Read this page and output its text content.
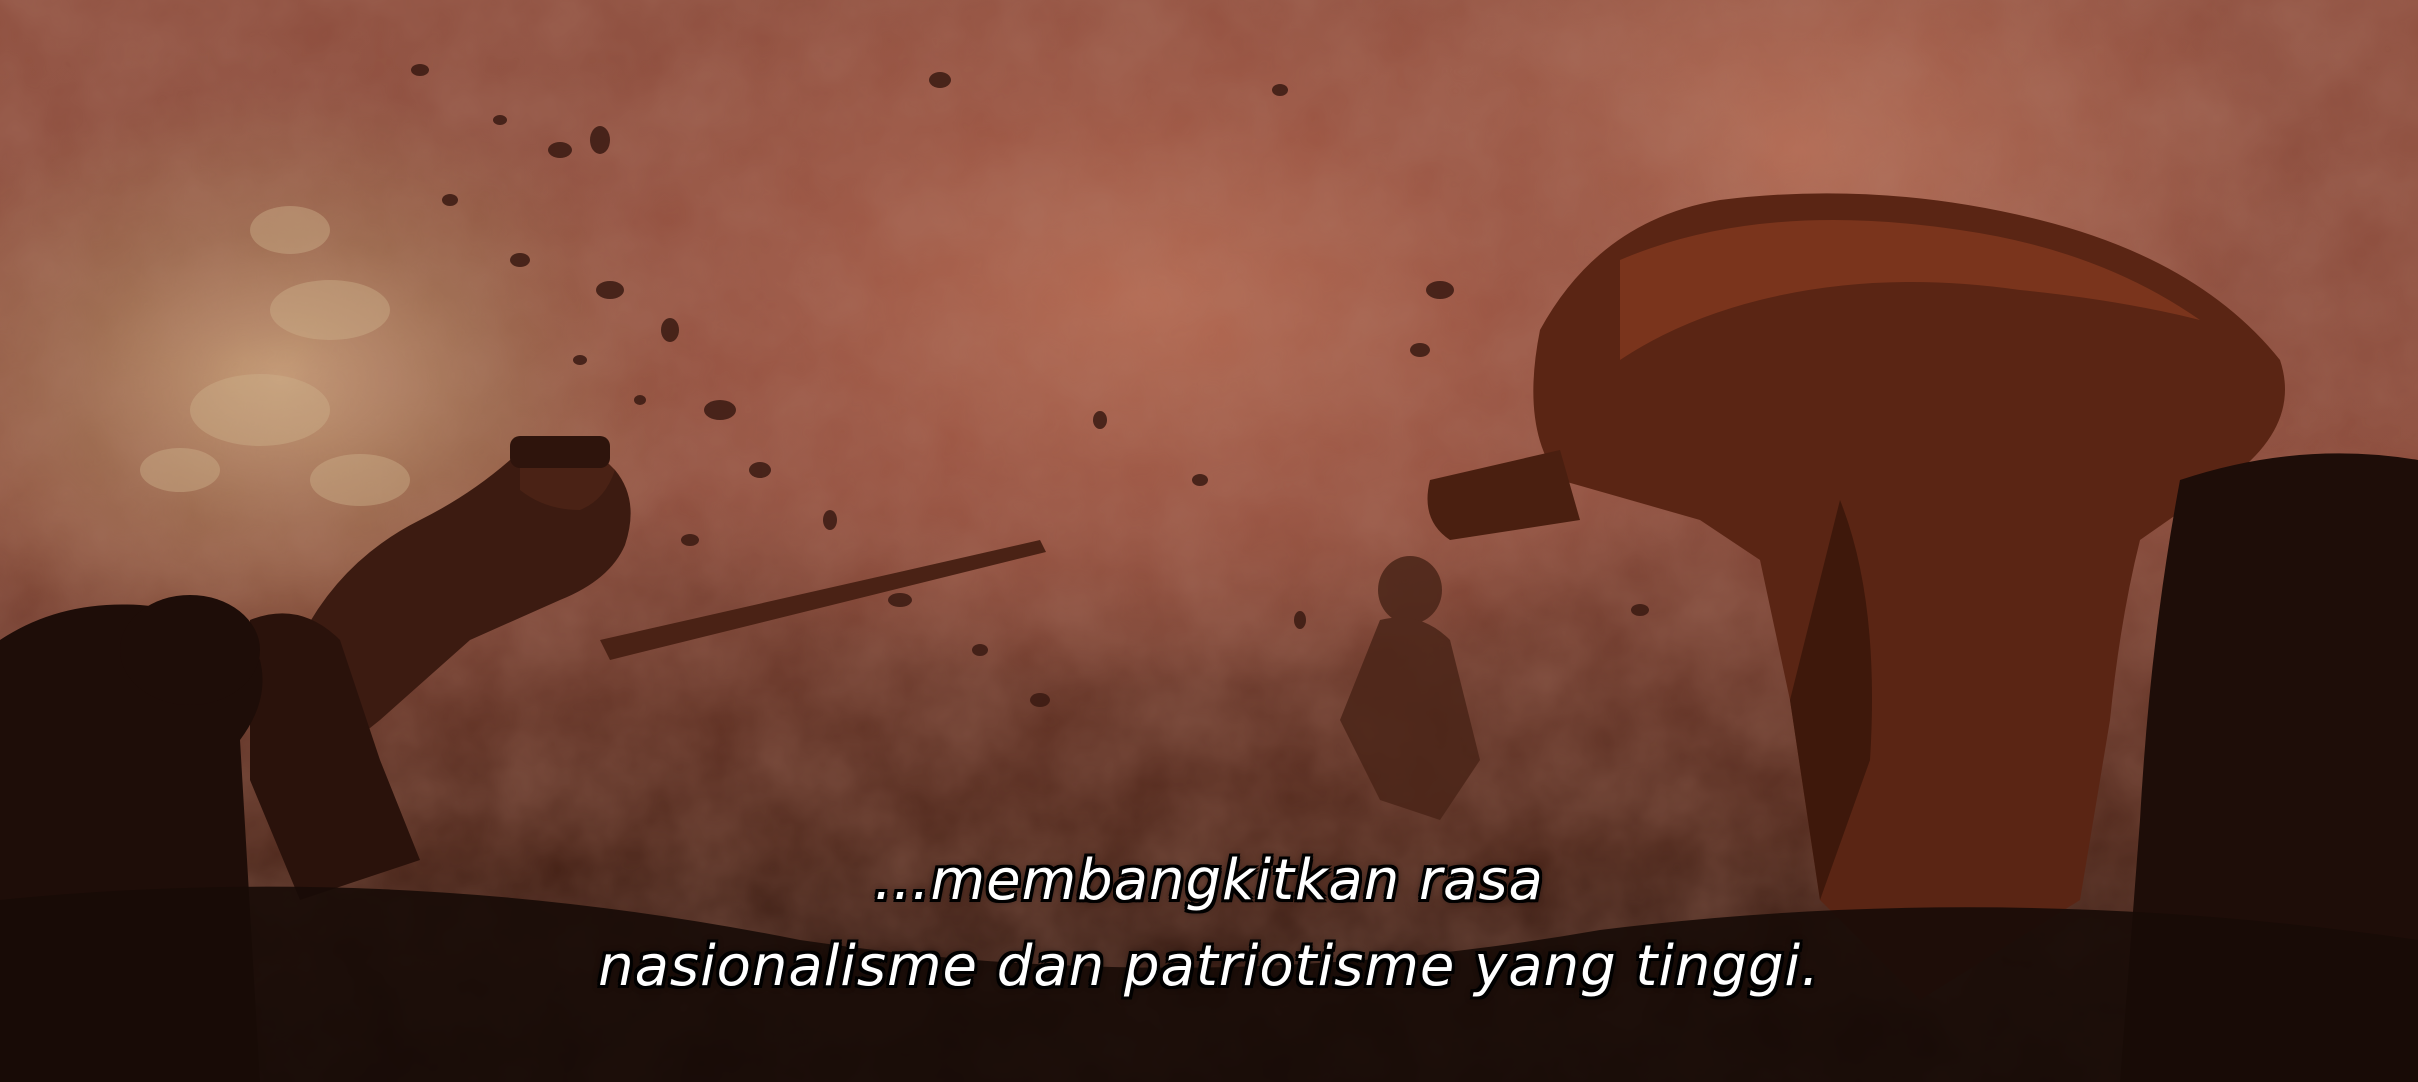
...membangkitkan rasa
nasionalisme dan patriotisme yang tinggi.
